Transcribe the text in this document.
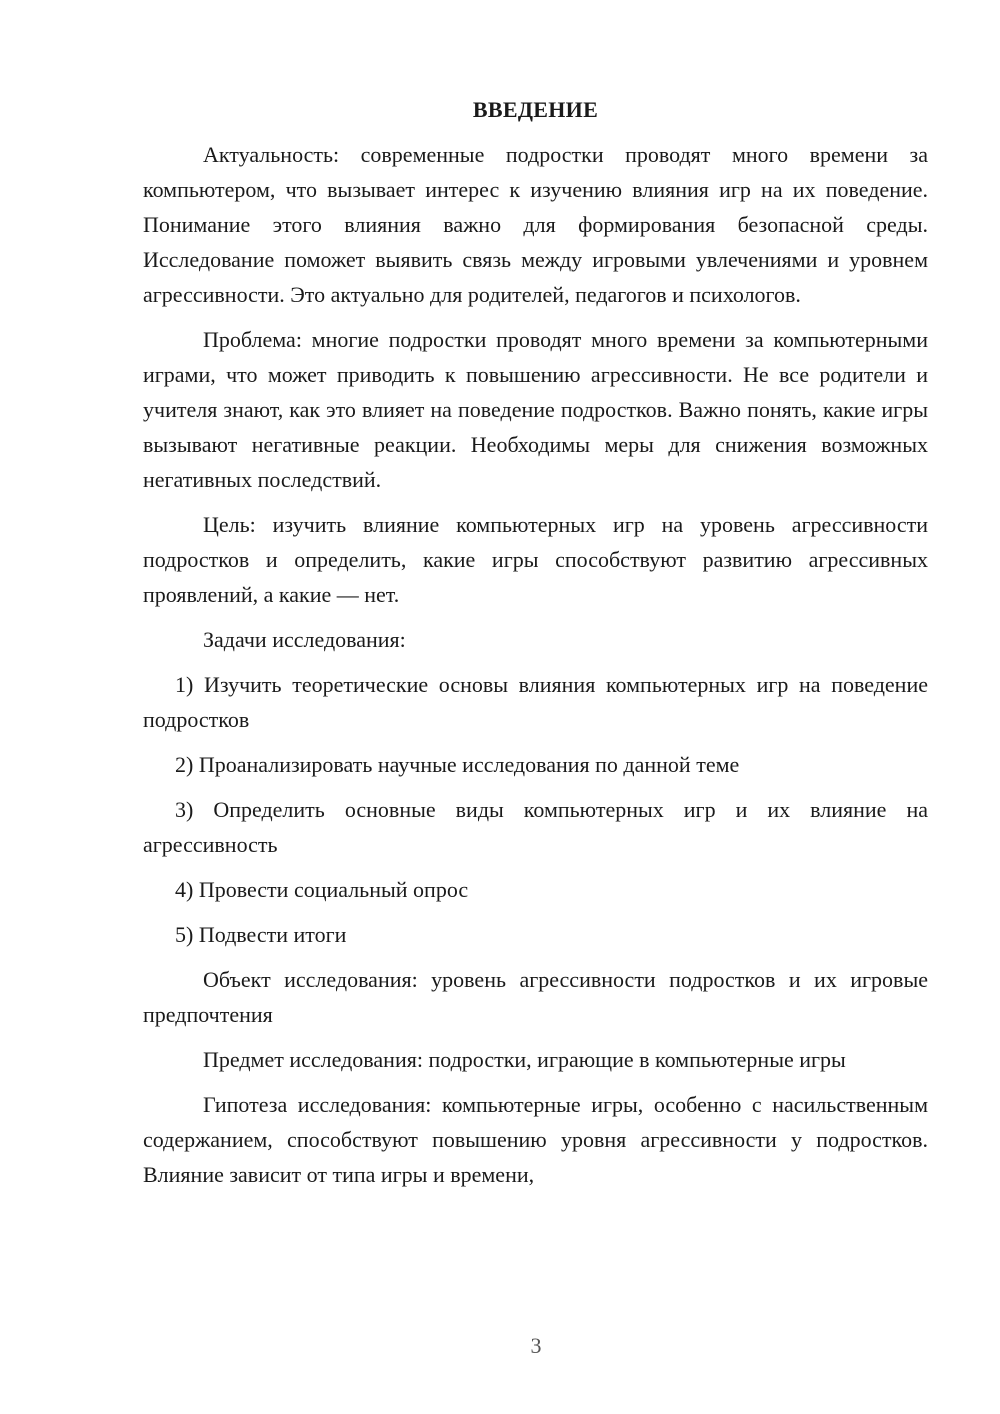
ВВЕДЕНИЕ

Актуальность: современные подростки проводят много времени за компьютером, что вызывает интерес к изучению влияния игр на их поведение. Понимание этого влияния важно для формирования безопасной среды. Исследование поможет выявить связь между игровыми увлечениями и уровнем агрессивности. Это актуально для родителей, педагогов и психологов.

Проблема: многие подростки проводят много времени за компьютерными играми, что может приводить к повышению агрессивности. Не все родители и учителя знают, как это влияет на поведение подростков. Важно понять, какие игры вызывают негативные реакции. Необходимы меры для снижения возможных негативных последствий.

Цель: изучить влияние компьютерных игр на уровень агрессивности подростков и определить, какие игры способствуют развитию агрессивных проявлений, а какие — нет.

Задачи исследования:

1) Изучить теоретические основы влияния компьютерных игр на поведение подростков

2) Проанализировать научные исследования по данной теме

3) Определить основные виды компьютерных игр и их влияние на агрессивность

4) Провести социальный опрос

5) Подвести итоги

Объект исследования: уровень агрессивности подростков и их игровые предпочтения

Предмет исследования: подростки, играющие в компьютерные игры

Гипотеза исследования: компьютерные игры, особенно с насильственным содержанием, способствуют повышению уровня агрессивности у подростков. Влияние зависит от типа игры и времени,

3
